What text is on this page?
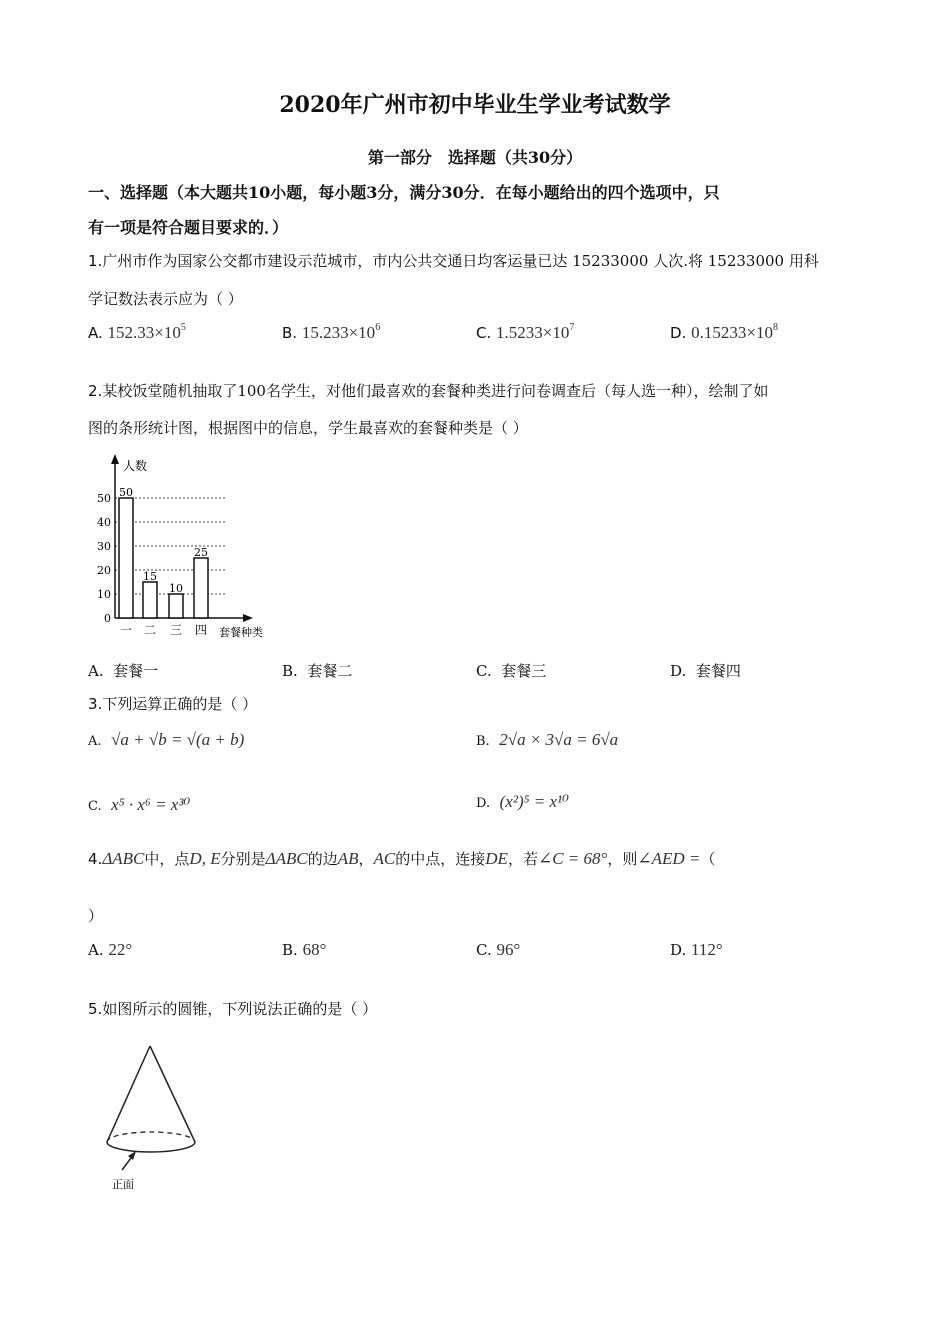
2020年广州市初中毕业生学业考试数学
第一部分　选择题（共30分）
一、选择题（本大题共10小题，每小题3分，满分30分．在每小题给出的四个选项中，只
有一项是符合题目要求的．）
1.广州市作为国家公交都市建设示范城市，市内公共交通日均客运量已达 15233000 人次.将 15233000 用科
学记数法表示应为（ ）
A. $152.33\times 10^5$	B. $15.233\times 10^6$	C. $1.5233\times 10^7$	D. $0.15233\times 10^8$
2.某校饭堂随机抽取了100名学生，对他们最喜欢的套餐种类进行问卷调查后（每人选一种），绘制了如
图的条形统计图，根据图中的信息，学生最喜欢的套餐种类是（ ）
人数
套餐种类
0
10
20
30
40
50 50
一
15
二
10
三
25
四
A. 套餐一	B. 套餐二	C. 套餐三	D. 套餐四
3.下列运算正确的是（ ）
A. √a + √b = √(a + b)	B. 2√a × 3√a = 6√a
C. x⁵ · x⁶ = x³⁰	D. (x²)⁵ = x¹⁰
4.ΔABC中，点D, E分别是ΔABC的边AB，AC的中点，连接DE，若∠C = 68°，则∠AED =（
）
A. 22°	B. 68°	C. 96°	D. 112°
5.如图所示的圆锥，下列说法正确的是（ ）
正面
